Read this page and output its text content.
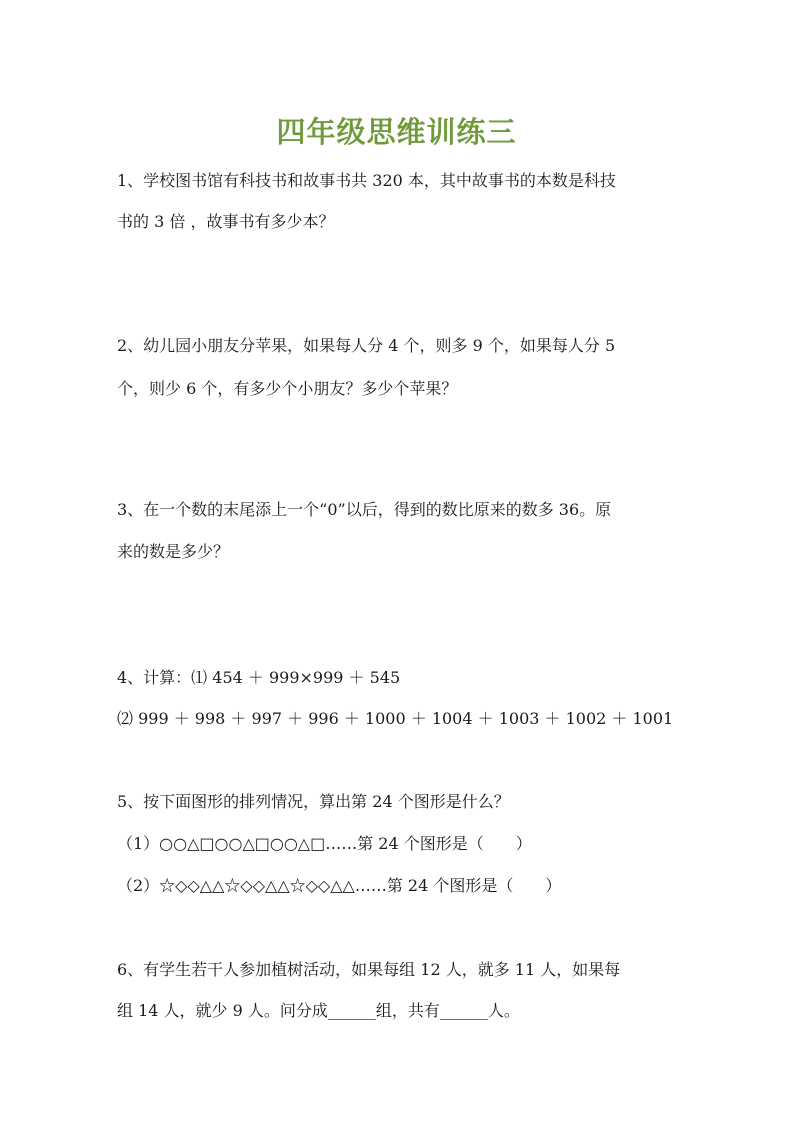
四年级思维训练三
1、学校图书馆有科技书和故事书共 320 本，其中故事书的本数是科技
书的 3 倍 ，故事书有多少本？
2、幼儿园小朋友分苹果，如果每人分 4 个，则多 9 个，如果每人分 5
个，则少 6 个，有多少个小朋友？多少个苹果？
3、在一个数的末尾添上一个“0”以后，得到的数比原来的数多 36。原
来的数是多少？
4、计算：⑴ 454 ＋ 999×999 ＋ 545
⑵ 999 ＋ 998 ＋ 997 ＋ 996 ＋ 1000 ＋ 1004 ＋ 1003 ＋ 1002 ＋ 1001
5、按下面图形的排列情况，算出第 24 个图形是什么？
（1）○○△□○○△□○○△□……第 24 个图形是（　　）
（2）☆◇◇△△☆◇◇△△☆◇◇△△……第 24 个图形是（　　）
6、有学生若干人参加植树活动，如果每组 12 人，就多 11 人，如果每
组 14 人，就少 9 人。问分成______组，共有______人。
